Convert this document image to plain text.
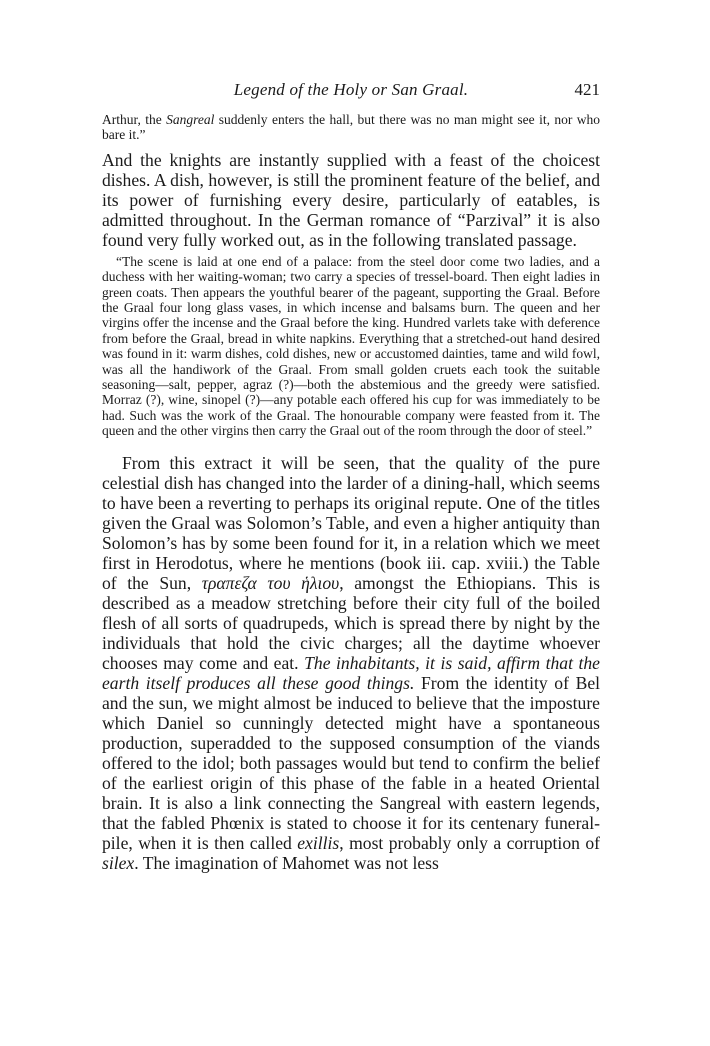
Legend of the Holy or San Graal.	421

Arthur, the Sangreal suddenly enters the hall, but there was no man might see it, nor who bare it.”

And the knights are instantly supplied with a feast of the choicest dishes. A dish, however, is still the prominent feature of the belief, and its power of furnishing every desire, particularly of eatables, is admitted throughout. In the German romance of “Parzival” it is also found very fully worked out, as in the following translated passage.

“The scene is laid at one end of a palace: from the steel door come two ladies, and a duchess with her waiting-woman; two carry a species of tressel-board. Then eight ladies in green coats. Then appears the youthful bearer of the pageant, supporting the Graal. Before the Graal four long glass vases, in which incense and balsams burn. The queen and her virgins offer the incense and the Graal before the king. Hundred varlets take with deference from before the Graal, bread in white napkins. Everything that a stretched-out hand desired was found in it: warm dishes, cold dishes, new or accustomed dainties, tame and wild fowl, was all the handiwork of the Graal. From small golden cruets each took the suitable seasoning—salt, pepper, agraz (?)—both the abstemious and the greedy were satisfied. Morraz (?), wine, sinopel (?)—any potable each offered his cup for was immediately to be had. Such was the work of the Graal. The honourable company were feasted from it. The queen and the other virgins then carry the Graal out of the room through the door of steel.”

From this extract it will be seen, that the quality of the pure celestial dish has changed into the larder of a dining-hall, which seems to have been a reverting to perhaps its original repute. One of the titles given the Graal was Solomon’s Table, and even a higher antiquity than Solomon’s has by some been found for it, in a relation which we meet first in Herodotus, where he mentions (book iii. cap. xviii.) the Table of the Sun, τραπεζα του ἡλιου, amongst the Ethiopians. This is described as a meadow stretching before their city full of the boiled flesh of all sorts of quadrupeds, which is spread there by night by the individuals that hold the civic charges; all the daytime whoever chooses may come and eat. The inhabitants, it is said, affirm that the earth itself produces all these good things. From the identity of Bel and the sun, we might almost be induced to believe that the imposture which Daniel so cunningly detected might have a spontaneous production, superadded to the supposed consumption of the viands offered to the idol; both passages would but tend to confirm the belief of the earliest origin of this phase of the fable in a heated Oriental brain. It is also a link connecting the Sangreal with eastern legends, that the fabled Phœnix is stated to choose it for its centenary funeral-pile, when it is then called exillis, most probably only a corruption of silex. The imagination of Mahomet was not less
